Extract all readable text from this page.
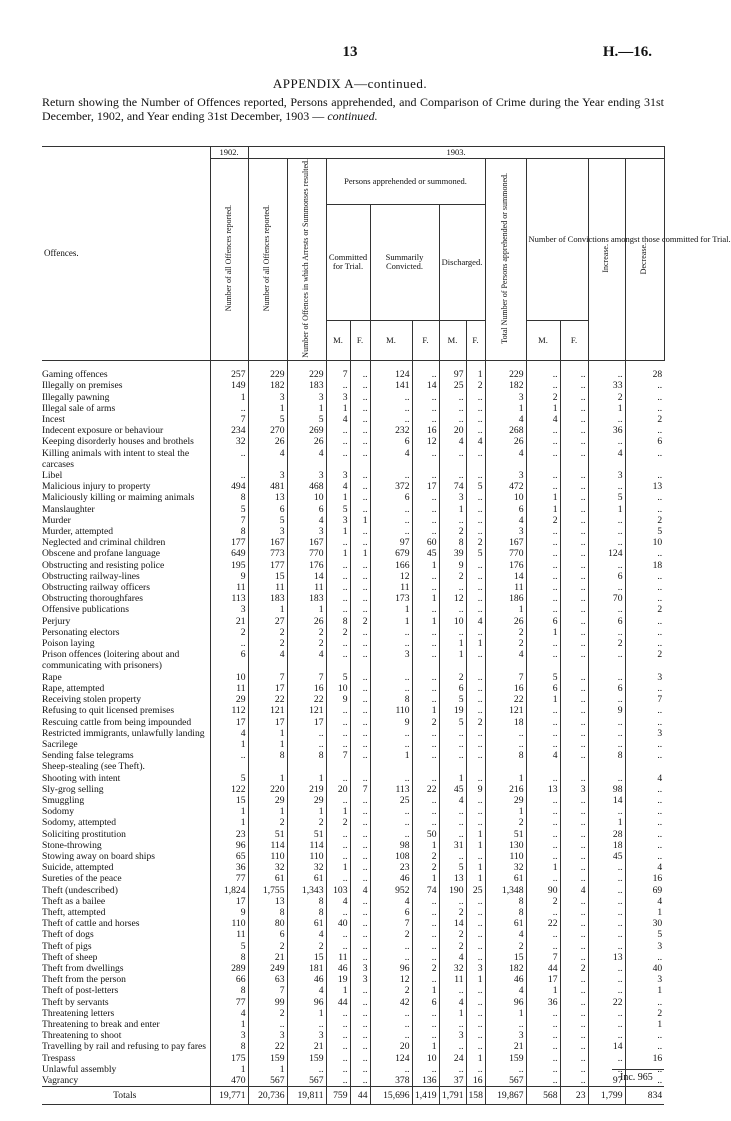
13	H.—16.
APPENDIX A—continued.
Return showing the Number of Offences reported, Persons apprehended, and Comparison of Crime during the Year ending 31st December, 1902, and Year ending 31st December, 1903 — continued.
Offences.	1902.	1903.												
	Number of all Offences reported.	Number of all Offences reported.	Number of Offences in which Arrests or Summonses resulted.	Persons apprehended or summoned.						Total Number of Persons apprehended or summoned.	Number of Convictions amongst those committed for Trial.		Increase.	Decrease.
				Committed for Trial.		Summarily Convicted.		Discharged.						
				M.	F.	M.	F.	M.	F.		M.	F.		
Gaming offences	257	229	229	7	..	124	..	97	1	229	..	..	..	28
Illegally on premises	149	182	183	..	..	141	14	25	2	182	..	..	33	..
Illegally pawning	1	3	3	3	..	..	..	..	..	3	2	..	2	..
Illegal sale of arms	..	1	1	1	..	..	..	..	..	1	1	..	1	..
Incest	7	5	5	4	..	..	..	..	..	4	4	..	..	2
Indecent exposure or behaviour	234	270	269	..	..	232	16	20	..	268	..	..	36	..
Keeping disorderly houses and brothels	32	26	26	..	..	6	12	4	4	26	..	..	..	6
Killing animals with intent to steal the carcases	..	4	4	..	..	4	..	..	..	4	..	..	4	..
Libel	..	3	3	3	..	..	..	..	..	3	..	..	3	..
Malicious injury to property	494	481	468	4	..	372	17	74	5	472	..	..	..	13
Maliciously killing or maiming animals	8	13	10	1	..	6	..	3	..	10	1	..	5	..
Manslaughter	5	6	6	5	..	..	..	1	..	6	1	..	1	..
Murder	7	5	4	3	1	..	..	..	..	4	2	..	..	2
Murder, attempted	8	3	3	1	..	..	..	2	..	3	..	..	..	5
Neglected and criminal children	177	167	167	..	..	97	60	8	2	167	..	..	..	10
Obscene and profane language	649	773	770	1	1	679	45	39	5	770	..	..	124	..
Obstructing and resisting police	195	177	176	..	..	166	1	9	..	176	..	..	..	18
Obstructing railway-lines	9	15	14	..	..	12	..	2	..	14	..	..	6	..
Obstructing railway officers	11	11	11	..	..	11	..	..	..	11	..	..	..	..
Obstructing thoroughfares	113	183	183	..	..	173	1	12	..	186	..	..	70	..
Offensive publications	3	1	1	..	..	1	..	..	..	1	..	..	..	2
Perjury	21	27	26	8	2	1	1	10	4	26	6	..	6	..
Personating electors	2	2	2	2	..	..	..	..	..	2	1	..	..	..
Poison laying	..	2	2	..	..	..	..	1	1	2	..	..	2	..
Prison offences (loitering about and communicating with prisoners)	6	4	4	..	..	3	..	1	..	4	..	..	..	2
Rape	10	7	7	5	..	..	..	2	..	7	5	..	..	3
Rape, attempted	11	17	16	10	..	..	..	6	..	16	6	..	6	..
Receiving stolen property	29	22	22	9	..	8	..	5	..	22	1	..	..	7
Refusing to quit licensed premises	112	121	121	..	..	110	1	19	..	121	..	..	9	..
Rescuing cattle from being impounded	17	17	17	..	..	9	2	5	2	18	..	..	..	..
Restricted immigrants, unlawfully landing	4	1	..	..	..	..	..	..	..	..	..	..	..	3
Sacrilege	1	1	..	..	..	..	..	..	..	..	..	..	..	..
Sending false telegrams	..	8	8	7	..	1	..	..	..	8	4	..	8	..
Sheep-stealing (see Theft).														
Shooting with intent	5	1	1	..	..	..	..	1	..	1	..	..	..	4
Sly-grog selling	122	220	219	20	7	113	22	45	9	216	13	3	98	..
Smuggling	15	29	29	..	..	25	..	4	..	29	..	..	14	..
Sodomy	1	1	1	1	..	..	..	..	..	1	..	..	..	..
Sodomy, attempted	1	2	2	2	..	..	..	..	..	2	..	..	1	..
Soliciting prostitution	23	51	51	..	..	..	50	..	1	51	..	..	28	..
Stone-throwing	96	114	114	..	..	98	1	31	1	130	..	..	18	..
Stowing away on board ships	65	110	110	..	..	108	2	..	..	110	..	..	45	..
Suicide, attempted	36	32	32	1	..	23	2	5	1	32	1	..	..	4
Sureties of the peace	77	61	61	..	..	46	1	13	1	61	..	..	..	16
Theft (undescribed)	1,824	1,755	1,343	103	4	952	74	190	25	1,348	90	4	..	69
Theft as a bailee	17	13	8	4	..	4	..	..	..	8	2	..	..	4
Theft, attempted	9	8	8	..	..	6	..	2	..	8	..	..	..	1
Theft of cattle and horses	110	80	61	40	..	7	..	14	..	61	22	..	..	30
Theft of dogs	11	6	4	..	..	2	..	2	..	4	..	..	..	5
Theft of pigs	5	2	2	..	..	..	..	2	..	2	..	..	..	3
Theft of sheep	8	21	15	11	..	..	..	4	..	15	7	..	13	..
Theft from dwellings	289	249	181	46	3	96	2	32	3	182	44	2	..	40
Theft from the person	66	63	46	19	3	12	..	11	1	46	17	..	..	3
Theft of post-letters	8	7	4	1	..	2	1	..	..	4	1	..	..	1
Theft by servants	77	99	96	44	..	42	6	4	..	96	36	..	22	..
Threatening letters	4	2	1	..	..	..	..	1	..	1	..	..	..	2
Threatening to break and enter	1	..	..	..	..	..	..	..	..	..	..	..	..	1
Threatening to shoot	3	3	3	..	..	..	..	3	..	3	..	..	..	..
Travelling by rail and refusing to pay fares	8	22	21	..	..	20	1	..	..	21	..	..	14	..
Trespass	175	159	159	..	..	124	10	24	1	159	..	..	..	16
Unlawful assembly	1	1	..	..	..	..	..	..	..	..	..	..	..	..
Vagrancy	470	567	567	..	..	378	136	37	16	567	..	..	97	..
Totals	19,771	20,736	19,811	759	44	15,696	1,419	1,791	158	19,867	568	23	1,799	834
Inc. 965
